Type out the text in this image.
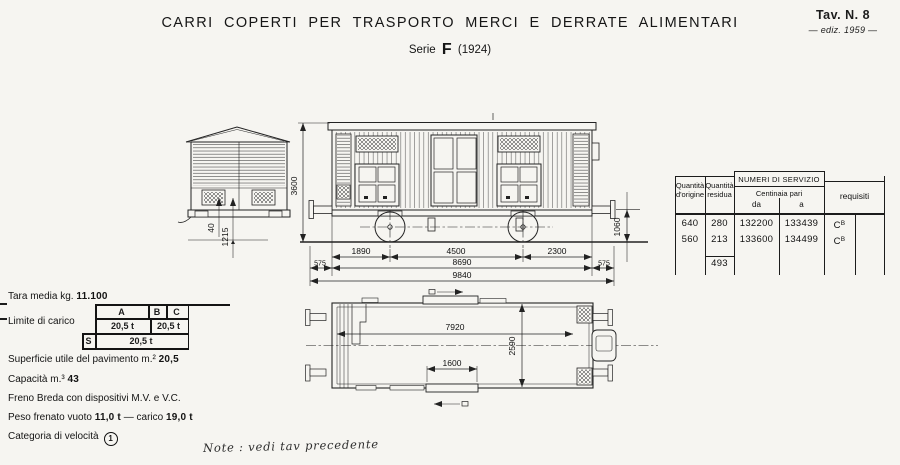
CARRI COPERTI PER TRASPORTO MERCI E DERRATE ALIMENTARI
Serie F (1924)
Tav. N. 8
— ediz. 1959 —
40 1215
3600
1060
1890	4500	2300
575	8690	575
9840
7920
2590
1600
Quantità d'origine
Quantità residua
NUMERI DI SERVIZIO
Centinaia pari
da	a
requisiti
640	280	132200	133439	$C^B$
560	213	133600	134499	$C^B$
493
Tara media kg. 11.100
Limite di carico
A	B	C
20,5 t	20,5 t
S	20,5 t
Superficie utile del pavimento m.² 20,5
Capacità m.³ 43
Freno Breda con dispositivi M.V. e V.C.
Peso frenato vuoto 11,0 t — carico 19,0 t
Categoria di velocità 1	Note : vedi tav precedente
